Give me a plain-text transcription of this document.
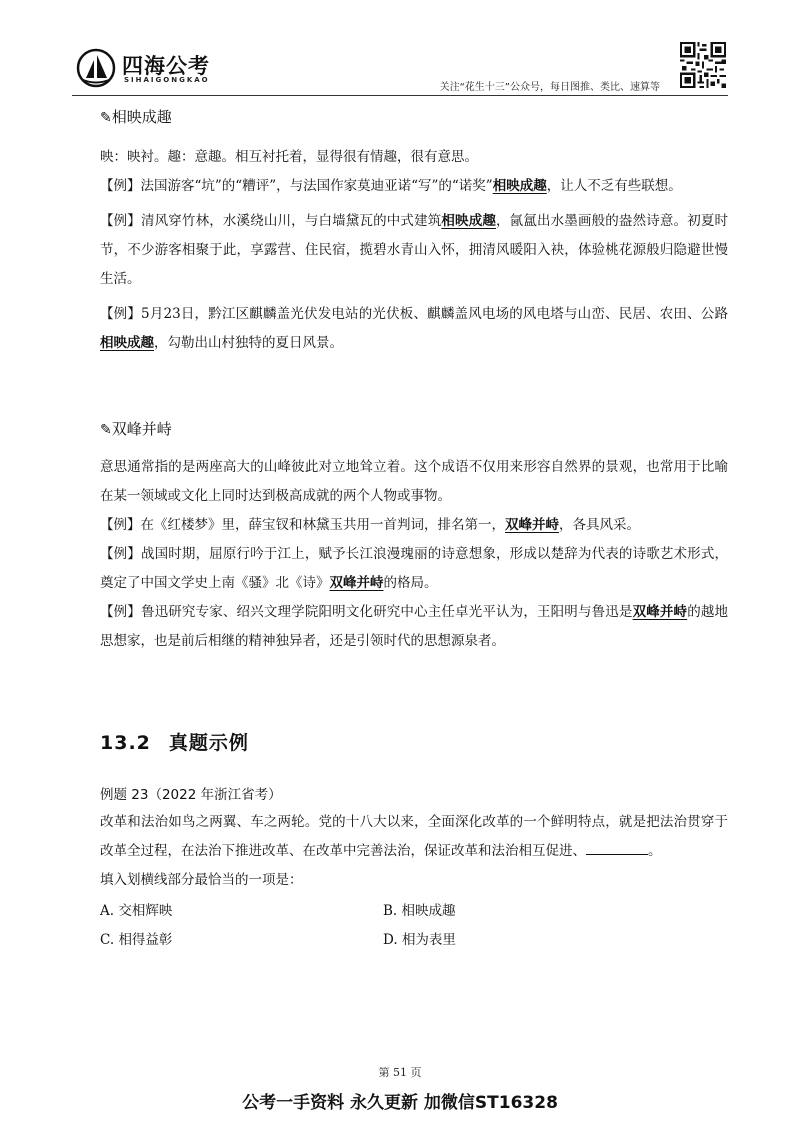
四海公考
SIHAIGONGKAO
关注“花生十三”公众号，每日图推、类比、速算等
✎相映成趣

映：映衬。趣：意趣。相互衬托着，显得很有情趣，很有意思。

【例】法国游客“坑”的“糟评”，与法国作家莫迪亚诺“写”的“诺奖”相映成趣，让人不乏有些联想。

【例】清风穿竹林，水溪绕山川，与白墙黛瓦的中式建筑相映成趣，氤氲出水墨画般的盎然诗意。初夏时节，不少游客相聚于此，享露营、住民宿，揽碧水青山入怀，拥清风暖阳入袂，体验桃花源般归隐避世慢生活。

【例】5月23日，黔江区麒麟盖光伏发电站的光伏板、麒麟盖风电场的风电塔与山峦、民居、农田、公路相映成趣，勾勒出山村独特的夏日风景。

✎双峰并峙

意思通常指的是两座高大的山峰彼此对立地耸立着。这个成语不仅用来形容自然界的景观，也常用于比喻在某一领域或文化上同时达到极高成就的两个人物或事物。

【例】在《红楼梦》里，薛宝钗和林黛玉共用一首判词，排名第一，双峰并峙，各具风采。

【例】战国时期，屈原行吟于江上，赋予长江浪漫瑰丽的诗意想象，形成以楚辞为代表的诗歌艺术形式，奠定了中国文学史上南《骚》北《诗》双峰并峙的格局。

【例】鲁迅研究专家、绍兴文理学院阳明文化研究中心主任卓光平认为，王阳明与鲁迅是双峰并峙的越地思想家，也是前后相继的精神独异者，还是引领时代的思想源泉者。

13.2 真题示例
例题 23（2022 年浙江省考）

改革和法治如鸟之两翼、车之两轮。党的十八大以来，全面深化改革的一个鲜明特点，就是把法治贯穿于改革全过程，在法治下推进改革、在改革中完善法治，保证改革和法治相互促进、	。

填入划横线部分最恰当的一项是：

A. 交相辉映	B. 相映成趣
C. 相得益彰	D. 相为表里
第 51 页
公考一手资料 永久更新 加微信ST16328
